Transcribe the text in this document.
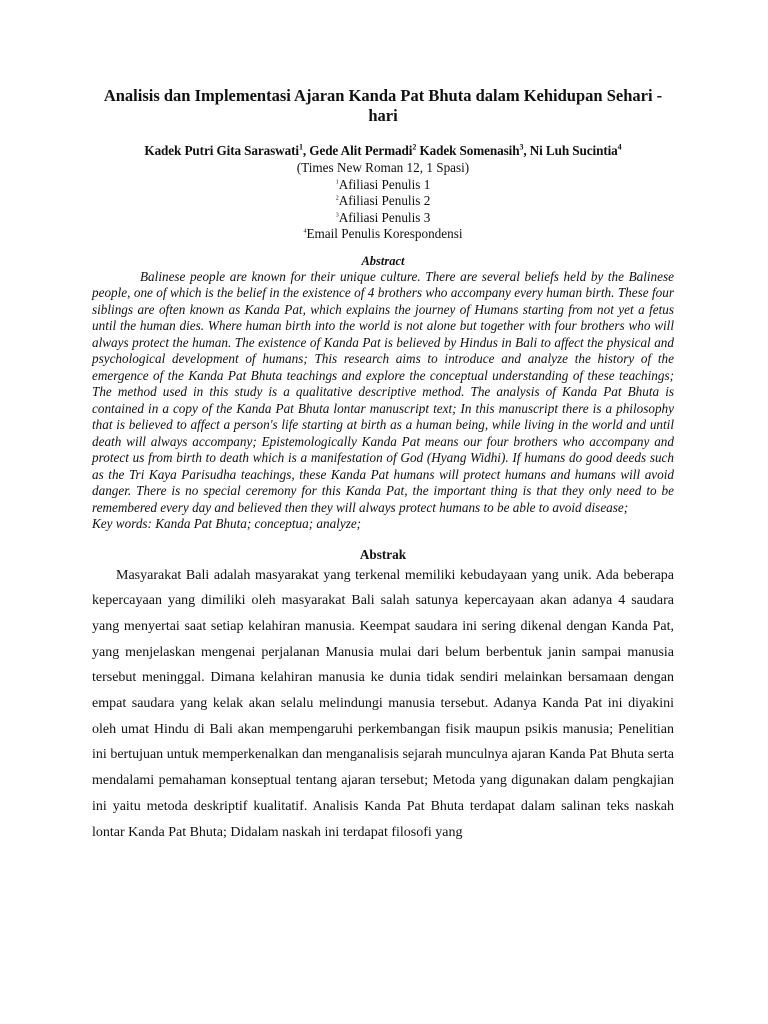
Analisis dan Implementasi Ajaran Kanda Pat Bhuta dalam Kehidupan Sehari - hari
Kadek Putri Gita Saraswati$^1$, Gede Alit Permadi$^2$ Kadek Somenasih$^3$, Ni Luh Sucintia$^4$
(Times New Roman 12, 1 Spasi)
$^1$Afiliasi Penulis 1
$^2$Afiliasi Penulis 2
$^3$Afiliasi Penulis 3
$^4$Email Penulis Korespondensi
Abstract

Balinese people are known for their unique culture. There are several beliefs held by the Balinese people, one of which is the belief in the existence of 4 brothers who accompany every human birth. These four siblings are often known as Kanda Pat, which explains the journey of Humans starting from not yet a fetus until the human dies. Where human birth into the world is not alone but together with four brothers who will always protect the human. The existence of Kanda Pat is believed by Hindus in Bali to affect the physical and psychological development of humans; This research aims to introduce and analyze the history of the emergence of the Kanda Pat Bhuta teachings and explore the conceptual understanding of these teachings; The method used in this study is a qualitative descriptive method. The analysis of Kanda Pat Bhuta is contained in a copy of the Kanda Pat Bhuta lontar manuscript text; In this manuscript there is a philosophy that is believed to affect a person's life starting at birth as a human being, while living in the world and until death will always accompany; Epistemologically Kanda Pat means our four brothers who accompany and protect us from birth to death which is a manifestation of God (Hyang Widhi). If humans do good deeds such as the Tri Kaya Parisudha teachings, these Kanda Pat humans will protect humans and humans will avoid danger. There is no special ceremony for this Kanda Pat, the important thing is that they only need to be remembered every day and believed then they will always protect humans to be able to avoid disease;

Key words: Kanda Pat Bhuta; conceptua; analyze;

Abstrak

Masyarakat Bali adalah masyarakat yang terkenal memiliki kebudayaan yang unik. Ada beberapa kepercayaan yang dimiliki oleh masyarakat Bali salah satunya kepercayaan akan adanya 4 saudara yang menyertai saat setiap kelahiran manusia. Keempat saudara ini sering dikenal dengan Kanda Pat, yang menjelaskan mengenai perjalanan Manusia mulai dari belum berbentuk janin sampai manusia tersebut meninggal. Dimana kelahiran manusia ke dunia tidak sendiri melainkan bersamaan dengan empat saudara yang kelak akan selalu melindungi manusia tersebut. Adanya Kanda Pat ini diyakini oleh umat Hindu di Bali akan mempengaruhi perkembangan fisik maupun psikis manusia; Penelitian ini bertujuan untuk memperkenalkan dan menganalisis sejarah munculnya ajaran Kanda Pat Bhuta serta mendalami pemahaman konseptual tentang ajaran tersebut; Metoda yang digunakan dalam pengkajian ini yaitu metoda deskriptif kualitatif. Analisis Kanda Pat Bhuta terdapat dalam salinan teks naskah lontar Kanda Pat Bhuta; Didalam naskah ini terdapat filosofi yang
